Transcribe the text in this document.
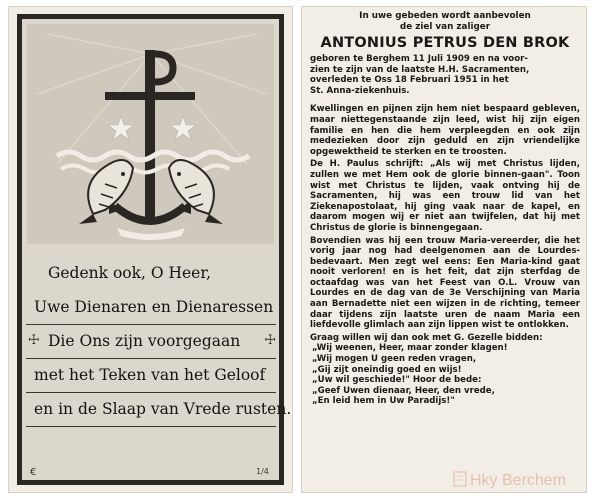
Gedenk ook, O Heer,
Uwe Dienaren en Dienaressen
☩ Die Ons zijn voorgegaan ☩
met het Teken van het Geloof
en in de Slaap van Vrede rusten.
€	1/4
In uwe gebeden wordt aanbevolen
de ziel van zaliger
ANTONIUS PETRUS DEN BROK
geboren te Berghem 11 Juli 1909 en na voor-
zien te zijn van de laatste H.H. Sacramenten,
overleden te Oss 18 Februari 1951 in het
St. Anna-ziekenhuis.
Kwellingen en pijnen zijn hem niet bespaard gebleven, maar niettegenstaande zijn leed, wist hij zijn eigen familie en hen die hem verpleegden en ook zijn medezieken door zijn geduld en zijn vriendelijke opgewektheid te sterken en te troosten.
De H. Paulus schrijft: „Als wij met Christus lijden, zullen we met Hem ook de glorie binnen-gaan". Toon wist met Christus te lijden, vaak ontving hij de Sacramenten, hij was een trouw lid van het Ziekenapostolaat, hij ging vaak naar de kapel, en daarom mogen wij er niet aan twijfelen, dat hij met Christus de glorie is binnengegaan.
Bovendien was hij een trouw Maria-vereerder, die het vorig jaar nog had deelgenomen aan de Lourdes-bedevaart. Men zegt wel eens: Een Maria-kind gaat nooit verloren! en is het feit, dat zijn sterfdag de octaafdag was van het Feest van O.L. Vrouw van Lourdes en de dag van de 3e Verschijning van Maria aan Bernadette niet een wijzen in de richting, temeer daar tijdens zijn laatste uren de naam Maria een liefdevolle glimlach aan zijn lippen wist te ontlokken.
Graag willen wij dan ook met G. Gezelle bidden:
„Wij weenen, Heer, maar zonder klagen!
„Wij mogen U geen reden vragen,
„Gij zijt oneindig goed en wijs!
„Uw wil geschiede!" Hoor de bede:
„Geef Uwen dienaar, Heer, den vrede,
„En leid hem in Uw Paradijs!"
Hky Berchem
